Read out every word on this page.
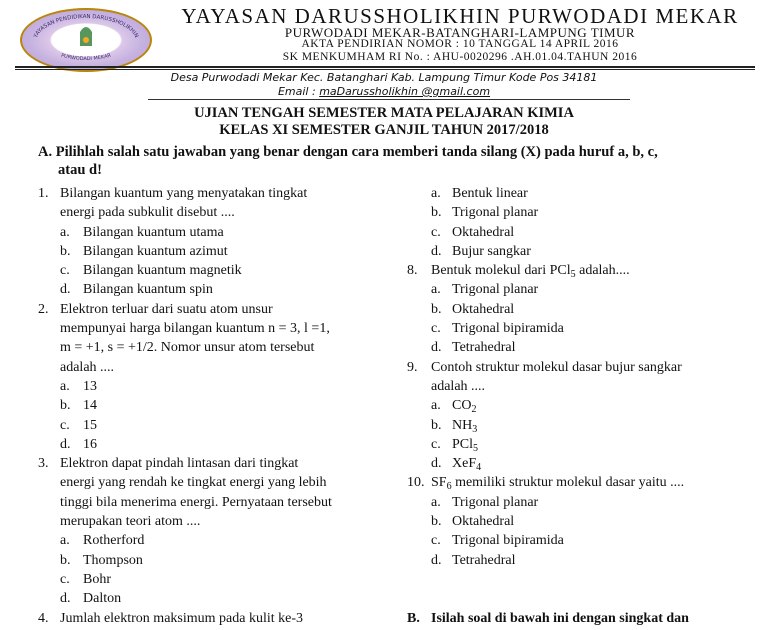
YAYASAN PENDIDIKAN DARUSSHOLIKHIN
PURWODADI MEKAR
YAYASAN DARUSSHOLIKHIN PURWODADI MEKAR
PURWODADI MEKAR-BATANGHARI-LAMPUNG TIMUR
AKTA PENDIRIAN NOMOR : 10 TANGGAL 14 APRIL 2016
SK MENKUMHAM RI No. : AHU-0020296 .AH.01.04.TAHUN 2016
Desa Purwodadi Mekar Kec. Batanghari Kab. Lampung Timur Kode Pos 34181
Email : maDarussholikhin @gmail.com
UJIAN TENGAH SEMESTER MATA PELAJARAN KIMIA
KELAS XI SEMESTER GANJIL TAHUN 2017/2018
A. Pilihlah salah satu jawaban yang benar dengan cara memberi tanda silang (X) pada huruf a, b, c,
atau d!
1. Bilangan kuantum yang menyatakan tingkat
energi pada subkulit disebut ....
a. Bilangan kuantum utama
b. Bilangan kuantum azimut
c. Bilangan kuantum magnetik
d. Bilangan kuantum spin
2. Elektron terluar dari suatu atom unsur
mempunyai harga bilangan kuantum n = 3, l =1,
m = +1, s = +1/2. Nomor unsur atom tersebut
adalah ....
a. 13
b. 14
c. 15
d. 16
3. Elektron dapat pindah lintasan dari tingkat
energi yang rendah ke tingkat energi yang lebih
tinggi bila menerima energi. Pernyataan tersebut
merupakan teori atom ....
a. Rotherford
b. Thompson
c. Bohr
d. Dalton
4. Jumlah elektron maksimum pada kulit ke-3
a. Bentuk linear
b. Trigonal planar
c. Oktahedral
d. Bujur sangkar
8. Bentuk molekul dari PCl$_5$ adalah....
a. Trigonal planar
b. Oktahedral
c. Trigonal bipiramida
d. Tetrahedral
9. Contoh struktur molekul dasar bujur sangkar
adalah ....
a. $CO_2$
b. $NH_3$
c. PCl$_5$
d. XeF$_4$
10. $SF_6$ memiliki struktur molekul dasar yaitu ....
a. Trigonal planar
b. Oktahedral
c. Trigonal bipiramida
d. Tetrahedral
B. Isilah soal di bawah ini dengan singkat dan
